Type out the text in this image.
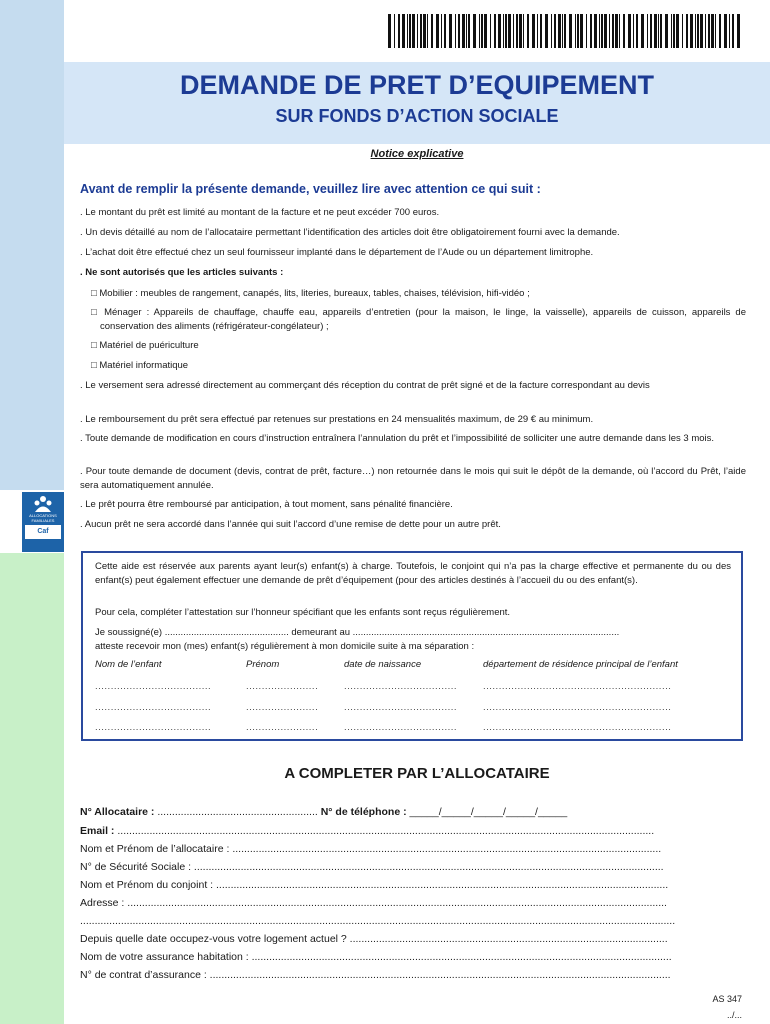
ALLOCATIONS
FAMILIALES
Caf
DEMANDE DE PRET D’EQUIPEMENT
SUR FONDS D’ACTION SOCIALE
Notice explicative
Avant de remplir la présente demande, veuillez lire avec attention ce qui suit :
. Le montant du prêt est limité au montant de la facture et ne peut excéder 700 euros.
. Un devis détaillé au nom de l’allocataire permettant l’identification des articles doit être obligatoirement fourni avec la demande.
. L’achat doit être effectué chez un seul fournisseur implanté dans le département de l’Aude ou un département limitrophe.
. Ne sont autorisés que les articles suivants :
□ Mobilier : meubles de rangement, canapés, lits, literies, bureaux, tables, chaises, télévision, hifi-vidéo ;
□ Ménager : Appareils de chauffage, chauffe eau, appareils d’entretien (pour la maison, le linge, la vaisselle), appareils de cuisson, appareils de conservation des aliments (réfrigérateur-congélateur) ;
□ Matériel de puériculture
□ Matériel informatique
. Le versement sera adressé directement au commerçant dés réception du contrat de prêt signé et de la facture correspondant au devis
. Le remboursement du prêt sera effectué par retenues sur prestations en 24 mensualités maximum, de 29 € au minimum.
. Toute demande de modification en cours d’instruction entraînera l’annulation du prêt et l’impossibilité de solliciter une autre demande dans les 3 mois.
. Pour toute demande de document (devis, contrat de prêt, facture…) non retournée dans le mois qui suit le dépôt de la demande, où l’accord du Prêt, l’aide sera automatiquement annulée.
. Le prêt pourra être remboursé par anticipation, à tout moment, sans pénalité financière.
. Aucun prêt ne sera accordé dans l’année qui suit l’accord d’une remise de dette pour un autre prêt.
Cette aide est réservée aux parents ayant leur(s) enfant(s) à charge. Toutefois, le conjoint qui n’a pas la charge effective et permanente du ou des enfant(s) peut également effectuer une demande de prêt d’équipement (pour des articles destinés à l’accueil du ou des enfant(s).
Pour cela, compléter l’attestation sur l’honneur spécifiant que les enfants sont reçus régulièrement.
Je soussigné(e) ............................................... demeurant au .....................................................................................................
atteste recevoir mon (mes) enfant(s) régulièrement à mon domicile suite à ma séparation :
Nom de l’enfant	Prénom	date de naissance	département de résidence principal de l’enfant
.....................................	.......................	....................................	............................................................
.....................................	.......................	....................................	............................................................
.....................................	.......................	....................................	............................................................
A COMPLETER PAR L’ALLOCATAIRE
N° Allocataire : ....................................................... N° de téléphone : _____/_____/_____/_____/_____
Email : ........................................................................................................................................................................................
Nom et Prénom de l’allocataire : ...................................................................................................................................................
N° de Sécurité Sociale : .................................................................................................................................................................
Nom et Prénom du conjoint : ...........................................................................................................................................................
Adresse : .........................................................................................................................................................................................
............................................................................................................................................................................................................
Depuis quelle date occupez-vous votre logement actuel ? .............................................................................................................
Nom de votre assurance habitation : ................................................................................................................................................
N° de contrat d’assurance : ..............................................................................................................................................................
AS 347
../...
